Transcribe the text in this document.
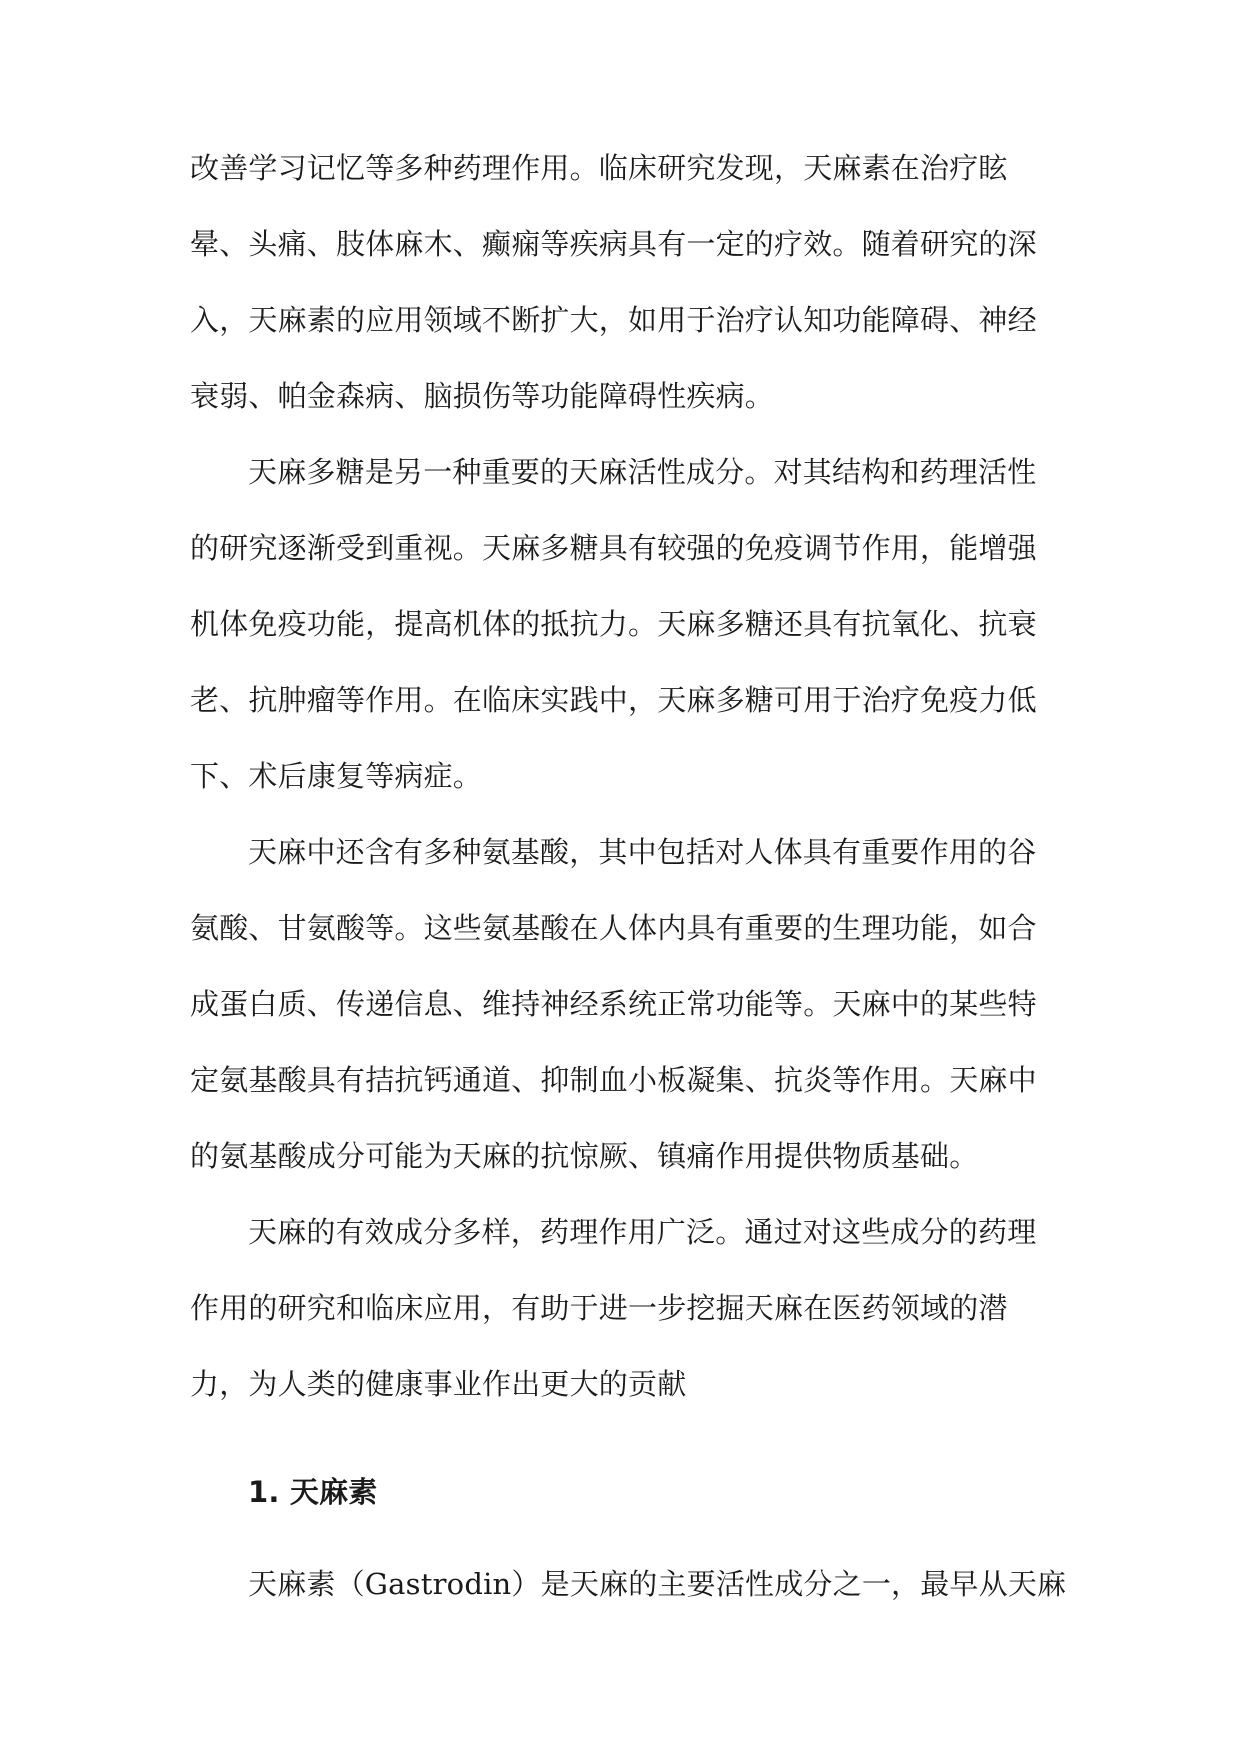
改善学习记忆等多种药理作用。临床研究发现，天麻素在治疗眩
晕、头痛、肢体麻木、癫痫等疾病具有一定的疗效。随着研究的深
入，天麻素的应用领域不断扩大，如用于治疗认知功能障碍、神经
衰弱、帕金森病、脑损伤等功能障碍性疾病。
天麻多糖是另一种重要的天麻活性成分。对其结构和药理活性
的研究逐渐受到重视。天麻多糖具有较强的免疫调节作用，能增强
机体免疫功能，提高机体的抵抗力。天麻多糖还具有抗氧化、抗衰
老、抗肿瘤等作用。在临床实践中，天麻多糖可用于治疗免疫力低
下、术后康复等病症。
天麻中还含有多种氨基酸，其中包括对人体具有重要作用的谷
氨酸、甘氨酸等。这些氨基酸在人体内具有重要的生理功能，如合
成蛋白质、传递信息、维持神经系统正常功能等。天麻中的某些特
定氨基酸具有拮抗钙通道、抑制血小板凝集、抗炎等作用。天麻中
的氨基酸成分可能为天麻的抗惊厥、镇痛作用提供物质基础。
天麻的有效成分多样，药理作用广泛。通过对这些成分的药理
作用的研究和临床应用，有助于进一步挖掘天麻在医药领域的潜
力，为人类的健康事业作出更大的贡献
1. 天麻素
天麻素（Gastrodin）是天麻的主要活性成分之一，最早从天麻
